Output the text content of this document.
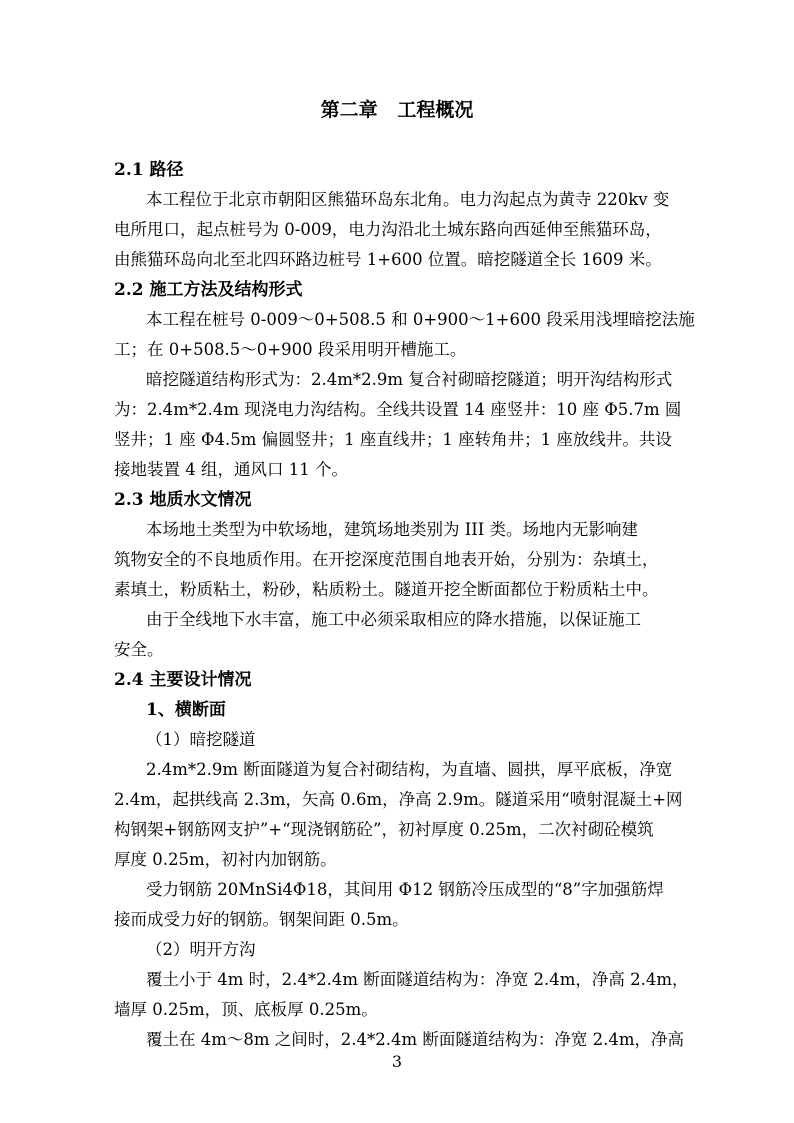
第二章   工程概况
2.1 路径
本工程位于北京市朝阳区熊猫环岛东北角。电力沟起点为黄寺 220kv 变
电所甩口，起点桩号为 0-009，电力沟沿北土城东路向西延伸至熊猫环岛，
由熊猫环岛向北至北四环路边桩号 1+600 位置。暗挖隧道全长 1609 米。
2.2 施工方法及结构形式
本工程在桩号 0-009～0+508.5 和 0+900～1+600 段采用浅埋暗挖法施
工；在 0+508.5～0+900 段采用明开槽施工。
暗挖隧道结构形式为：2.4m*2.9m 复合衬砌暗挖隧道；明开沟结构形式
为：2.4m*2.4m 现浇电力沟结构。全线共设置 14 座竖井：10 座 Φ5.7m 圆
竖井；1 座 Φ4.5m 偏圆竖井；1 座直线井；1 座转角井；1 座放线井。共设
接地装置 4 组，通风口 11 个。
2.3 地质水文情况
本场地土类型为中软场地，建筑场地类别为 III 类。场地内无影响建
筑物安全的不良地质作用。在开挖深度范围自地表开始，分别为：杂填土，
素填土，粉质粘土，粉砂，粘质粉土。隧道开挖全断面都位于粉质粘土中。
由于全线地下水丰富，施工中必须采取相应的降水措施，以保证施工
安全。
2.4 主要设计情况
1、横断面
（1）暗挖隧道
2.4m*2.9m 断面隧道为复合衬砌结构，为直墙、圆拱，厚平底板，净宽
2.4m，起拱线高 2.3m，矢高 0.6m，净高 2.9m。隧道采用“喷射混凝土+网
构钢架+钢筋网支护”+“现浇钢筋砼”，初衬厚度 0.25m，二次衬砌砼模筑
厚度 0.25m，初衬内加钢筋。
受力钢筋 20MnSi4Φ18，其间用 Φ12 钢筋冷压成型的“8”字加强筋焊
接而成受力好的钢筋。钢架间距 0.5m。
（2）明开方沟
覆土小于 4m 时，2.4*2.4m 断面隧道结构为：净宽 2.4m，净高 2.4m，
墙厚 0.25m，顶、底板厚 0.25m。
覆土在 4m～8m 之间时，2.4*2.4m 断面隧道结构为：净宽 2.4m，净高
3
